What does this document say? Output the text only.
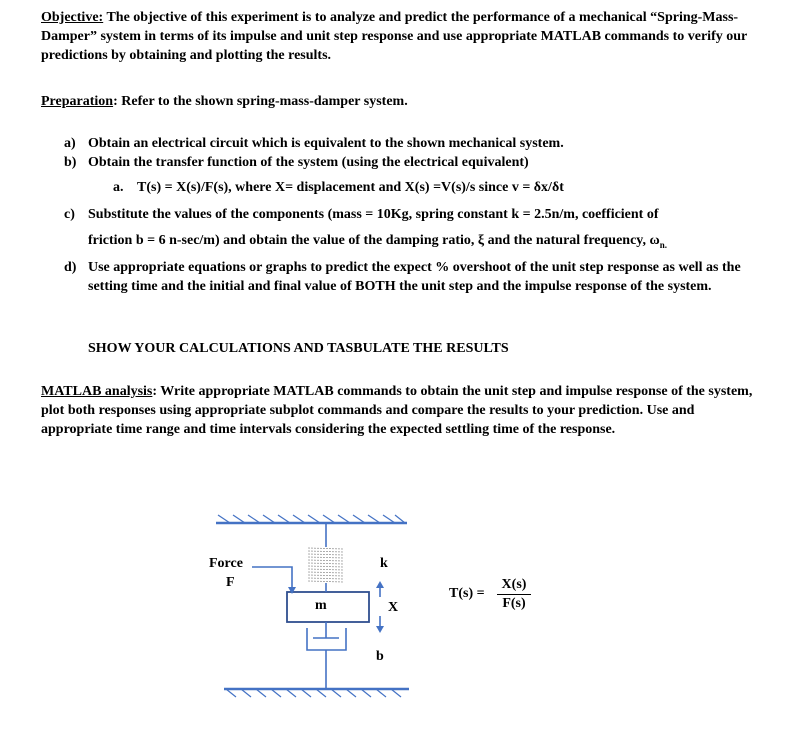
Objective: The objective of this experiment is to analyze and predict the performance of a mechanical “Spring-Mass-Damper” system in terms of its impulse and unit step response and use appropriate MATLAB commands to verify our predictions by obtaining and plotting the results.
Preparation: Refer to the shown spring-mass-damper system.
a) Obtain an electrical circuit which is equivalent to the shown mechanical system.
b) Obtain the transfer function of the system (using the electrical equivalent)
a. T(s) = X(s)/F(s), where X= displacement and X(s) =V(s)/s since v = δx/δt
c) Substitute the values of the components (mass = 10Kg, spring constant k = 2.5n/m, coefficient of
friction b = 6 n-sec/m) and obtain the value of the damping ratio, ξ and the natural frequency, $\omega_{n.}$
d) Use appropriate equations or graphs to predict the expect % overshoot of the unit step response as well as the setting time and the initial and final value of BOTH the unit step and the impulse response of the system.
SHOW YOUR CALCULATIONS AND TASBULATE THE RESULTS
MATLAB analysis: Write appropriate MATLAB commands to obtain the unit step and impulse response of the system, plot both responses using appropriate subplot commands and compare the results to your prediction. Use and appropriate time range and time intervals considering the expected settling time of the response.
Force
F
k
m	X
b
T(s) =
X(s)
F(s)
